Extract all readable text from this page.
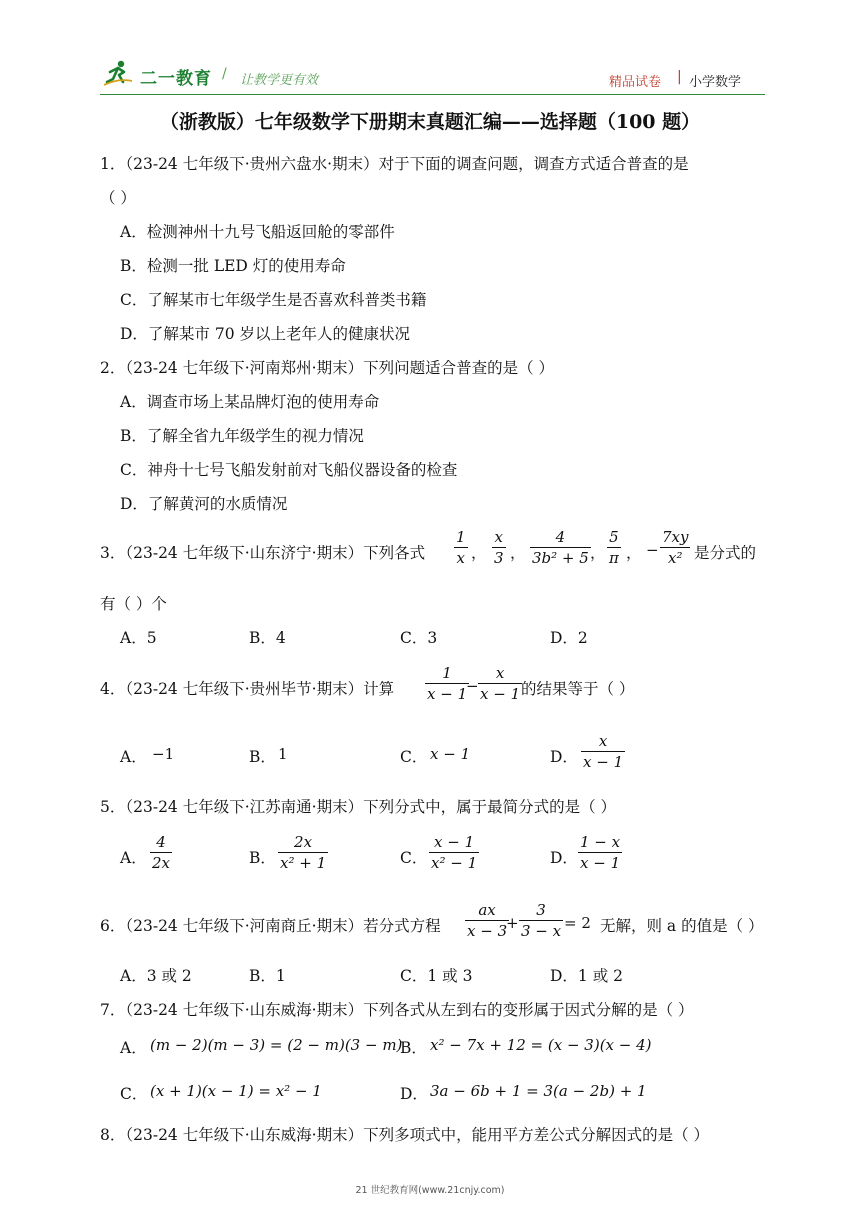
二一教育 / 让教学更有效	精品试卷 | 小学数学
（浙教版）七年级数学下册期末真题汇编——选择题（100 题）
1．（23-24 七年级下·贵州六盘水·期末）对于下面的调查问题，调查方式适合普查的是
（ ）
A．检测神州十九号飞船返回舱的零部件
B．检测一批 LED 灯的使用寿命
C．了解某市七年级学生是否喜欢科普类书籍
D．了解某市 70 岁以上老年人的健康状况
2．（23-24 七年级下·河南郑州·期末）下列问题适合普查的是（ ）
A．调查市场上某品牌灯泡的使用寿命
B．了解全省九年级学生的视力情况
C．神舟十七号飞船发射前对飞船仪器设备的检查
D．了解黄河的水质情况
3．（23-24 七年级下·山东济宁·期末）下列各式
1
x ，
x
3 ，
4
3b² + 5 ，
5
π ， −
7xy
x² 是分式的
有（ ）个
A．5	B．4	C．3	D．2
4．（23-24 七年级下·贵州毕节·期末）计算
1
x − 1
−
x
x − 1 的结果等于（ ）
A． −1	B． 1	C． x − 1	D．
x
x − 1
5．（23-24 七年级下·江苏南通·期末）下列分式中，属于最简分式的是（ ）
A．
4
2x	B．
2x
x² + 1	C．
x − 1
x² − 1	D．
1 − x
x − 1
6．（23-24 七年级下·河南商丘·期末）若分式方程
ax
x − 3
+
3
3 − x = 2 无解，则 a 的值是（ ）
A．3 或 2	B．1	C．1 或 3	D．1 或 2
7．（23-24 七年级下·山东威海·期末）下列各式从左到右的变形属于因式分解的是（ ）
A． (m − 2)(m − 3) = (2 − m)(3 − m)
B． x² − 7x + 12 = (x − 3)(x − 4)
C． (x + 1)(x − 1) = x² − 1	D． 3a − 6b + 1 = 3(a − 2b) + 1
8．（23-24 七年级下·山东威海·期末）下列多项式中，能用平方差公式分解因式的是（ ）
21 世纪教育网(www.21cnjy.com)
